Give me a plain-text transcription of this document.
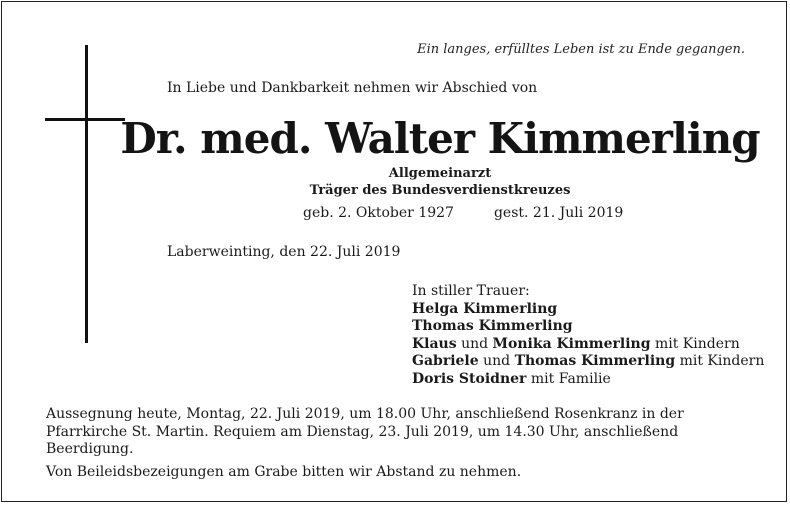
Ein langes, erfülltes Leben ist zu Ende gegangen.
In Liebe und Dankbarkeit nehmen wir Abschied von
Dr. med. Walter Kimmerling
Allgemeinarzt
Träger des Bundesverdienstkreuzes
geb. 2. Oktober 1927	gest. 21. Juli 2019
Laberweinting, den 22. Juli 2019
In stiller Trauer:
Helga Kimmerling
Thomas Kimmerling
Klaus und Monika Kimmerling mit Kindern
Gabriele und Thomas Kimmerling mit Kindern
Doris Stoidner mit Familie

Aussegnung heute, Montag, 22. Juli 2019, um 18.00 Uhr, anschließend Rosenkranz in der Pfarrkirche St. Martin. Requiem am Dienstag, 23. Juli 2019, um 14.30 Uhr, anschließend Beerdigung.

Von Beileidsbezeigungen am Grabe bitten wir Abstand zu nehmen.
